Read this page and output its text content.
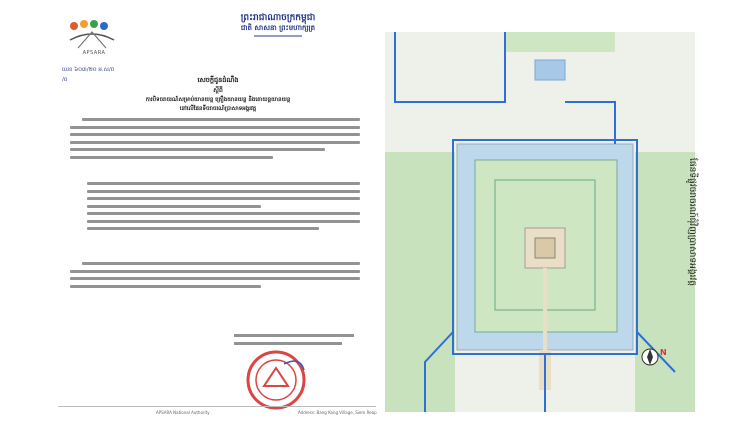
APSARA
ព្រះរាជាណាចក្រកម្ពុជា
ជាតិ សាសនា ព្រះមហាក្សត្រ
លេខ ៦០៣/២០ អ.ស/ព
/ព	សេចក្តីជូនដំណឹង
ស្តីពី
ការបិទចរាចរណ៍សម្រាប់យានយន្ត គ្រឿងយានយន្ត និងគោយន្តយានយន្ត
នៅលើផែនទីចរាចរណ៍ប្រាសាទអង្គរវត្ត
APSARA National Authority	Address: Bang Kong Village, Siem Reap
N
ផែនទីផ្លូវចរាចរណ៍ជុំវិញប្រាសាទអង្គរវត្ត
